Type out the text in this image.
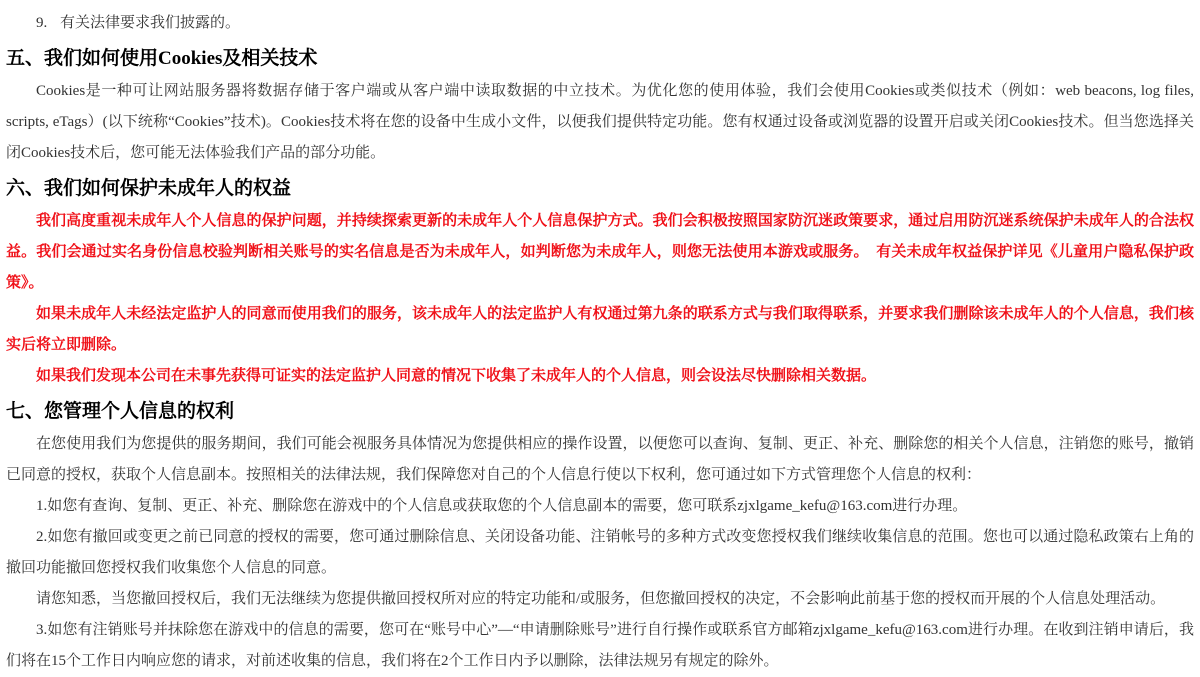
9. 有关法律要求我们披露的。
五、我们如何使用Cookies及相关技术

Cookies是一种可让网站服务器将数据存储于客户端或从客户端中读取数据的中立技术。为优化您的使用体验，我们会使用Cookies或类似技术（例如：web beacons, log files, scripts, eTags）(以下统称“Cookies”技术)。Cookies技术将在您的设备中生成小文件，以便我们提供特定功能。您有权通过设备或浏览器的设置开启或关闭Cookies技术。但当您选择关闭Cookies技术后，您可能无法体验我们产品的部分功能。

六、我们如何保护未成年人的权益

我们高度重视未成年人个人信息的保护问题，并持续探索更新的未成年人个人信息保护方式。我们会积极按照国家防沉迷政策要求，通过启用防沉迷系统保护未成年人的合法权益。我们会通过实名身份信息校验判断相关账号的实名信息是否为未成年人，如判断您为未成年人，则您无法使用本游戏或服务。　有关未成年权益保护详见《儿童用户隐私保护政策》。

如果未成年人未经法定监护人的同意而使用我们的服务，该未成年人的法定监护人有权通过第九条的联系方式与我们取得联系，并要求我们删除该未成年人的个人信息，我们核实后将立即删除。

如果我们发现本公司在未事先获得可证实的法定监护人同意的情况下收集了未成年人的个人信息，则会设法尽快删除相关数据。

七、您管理个人信息的权利

在您使用我们为您提供的服务期间，我们可能会视服务具体情况为您提供相应的操作设置，以便您可以查询、复制、更正、补充、删除您的相关个人信息，注销您的账号，撤销已同意的授权，获取个人信息副本。按照相关的法律法规，我们保障您对自己的个人信息行使以下权利，您可通过如下方式管理您个人信息的权利：

1.如您有查询、复制、更正、补充、删除您在游戏中的个人信息或获取您的个人信息副本的需要，您可联系zjxlgame_kefu@163.com进行办理。

2.如您有撤回或变更之前已同意的授权的需要，您可通过删除信息、关闭设备功能、注销帐号的多种方式改变您授权我们继续收集信息的范围。您也可以通过隐私政策右上角的撤回功能撤回您授权我们收集您个人信息的同意。

请您知悉，当您撤回授权后，我们无法继续为您提供撤回授权所对应的特定功能和/或服务，但您撤回授权的决定，不会影响此前基于您的授权而开展的个人信息处理活动。

3.如您有注销账号并抹除您在游戏中的信息的需要，您可在“账号中心”—“申请删除账号”进行自行操作或联系官方邮箱zjxlgame_kefu@163.com进行办理。在收到注销申请后，我们将在15个工作日内响应您的请求，对前述收集的信息，我们将在2个工作日内予以删除，法律法规另有规定的除外。
